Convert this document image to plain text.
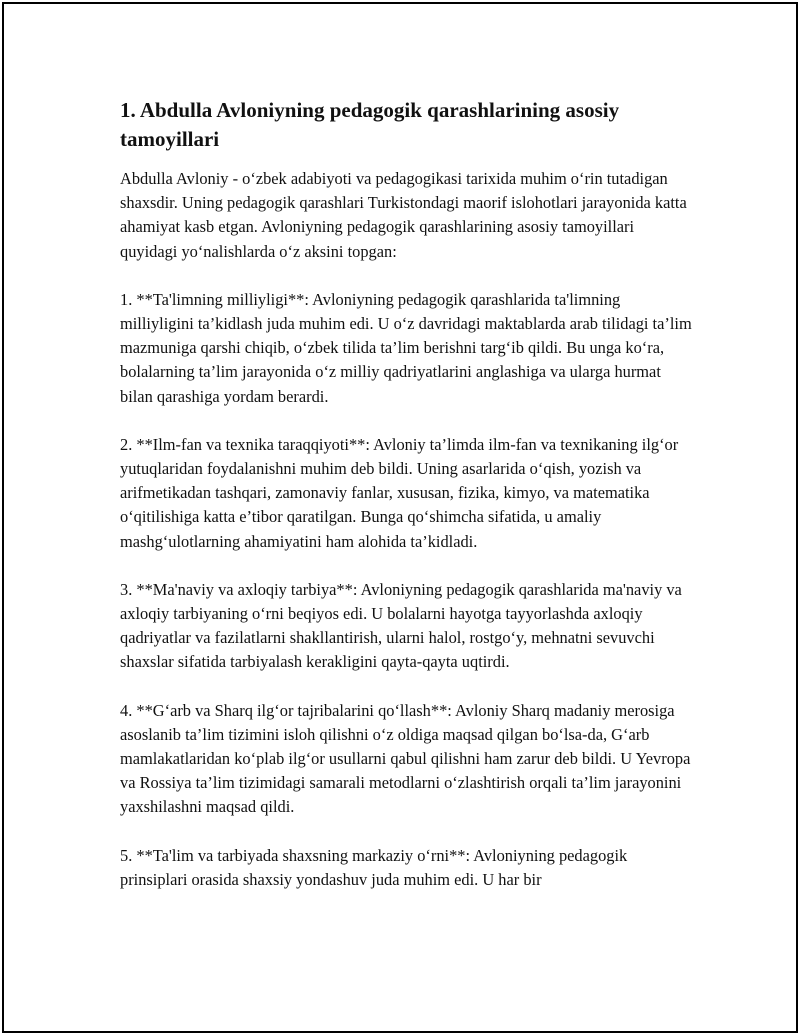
1. Abdulla Avloniyning pedagogik qarashlarining asosiy tamoyillari

Abdulla Avloniy - o‘zbek adabiyoti va pedagogikasi tarixida muhim o‘rin tutadigan shaxsdir. Uning pedagogik qarashlari Turkistondagi maorif islohotlari jarayonida katta ahamiyat kasb etgan. Avloniyning pedagogik qarashlarining asosiy tamoyillari quyidagi yo‘nalishlarda o‘z aksini topgan:

1. **Ta'limning milliyligi**: Avloniyning pedagogik qarashlarida ta'limning milliyligini ta’kidlash juda muhim edi. U o‘z davridagi maktablarda arab tilidagi ta’lim mazmuniga qarshi chiqib, o‘zbek tilida ta’lim berishni targ‘ib qildi. Bu unga ko‘ra, bolalarning ta’lim jarayonida o‘z milliy qadriyatlarini anglashiga va ularga hurmat bilan qarashiga yordam berardi.

2. **Ilm-fan va texnika taraqqiyoti**: Avloniy ta’limda ilm-fan va texnikaning ilg‘or yutuqlaridan foydalanishni muhim deb bildi. Uning asarlarida o‘qish, yozish va arifmetikadan tashqari, zamonaviy fanlar, xususan, fizika, kimyo, va matematika o‘qitilishiga katta e’tibor qaratilgan. Bunga qo‘shimcha sifatida, u amaliy mashg‘ulotlarning ahamiyatini ham alohida ta’kidladi.

3. **Ma'naviy va axloqiy tarbiya**: Avloniyning pedagogik qarashlarida ma'naviy va axloqiy tarbiyaning o‘rni beqiyos edi. U bolalarni hayotga tayyorlashda axloqiy qadriyatlar va fazilatlarni shakllantirish, ularni halol, rostgo‘y, mehnatni sevuvchi shaxslar sifatida tarbiyalash kerakligini qayta-qayta uqtirdi.

4. **G‘arb va Sharq ilg‘or tajribalarini qo‘llash**: Avloniy Sharq madaniy merosiga asoslanib ta’lim tizimini isloh qilishni o‘z oldiga maqsad qilgan bo‘lsa-da, G‘arb mamlakatlaridan ko‘plab ilg‘or usullarni qabul qilishni ham zarur deb bildi. U Yevropa va Rossiya ta’lim tizimidagi samarali metodlarni o‘zlashtirish orqali ta’lim jarayonini yaxshilashni maqsad qildi.

5. **Ta'lim va tarbiyada shaxsning markaziy o‘rni**: Avloniyning pedagogik prinsiplari orasida shaxsiy yondashuv juda muhim edi. U har bir
